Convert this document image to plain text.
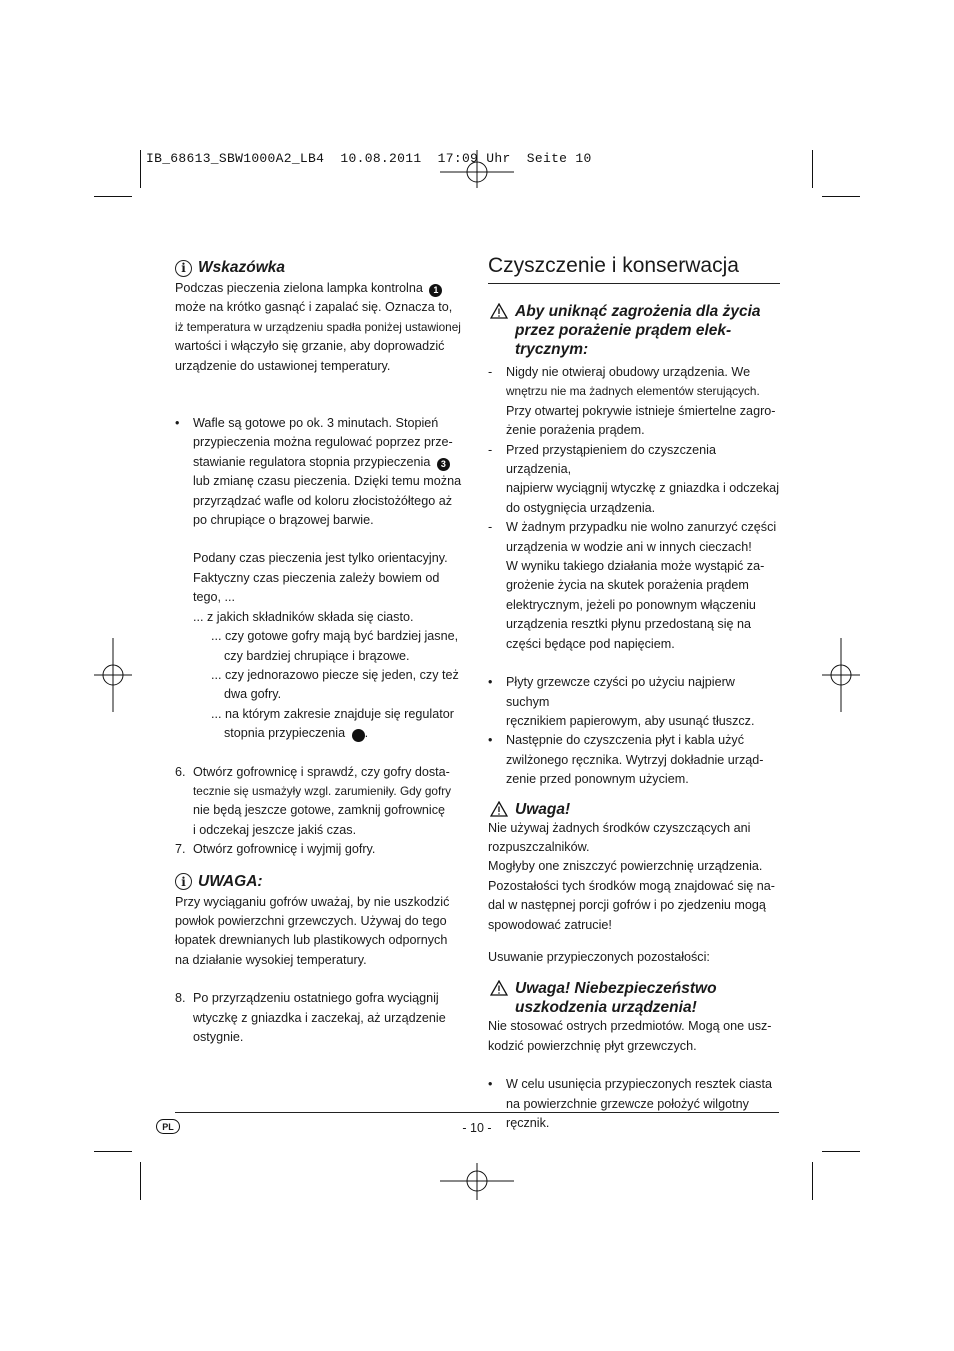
IB_68613_SBW1000A2_LB4  10.08.2011  17:09 Uhr  Seite 10
i Wskazówka

Podczas pieczenia zielona lampka kontrolna 1

może na krótko gasnąć i zapalać się. Oznacza to,

iż temperatura w urządzeniu spadła poniżej ustawionej

wartości i włączyło się grzanie, aby doprowadzić

urządzenie do ustawionej temperatury.

• Wafle są gotowe po ok. 3 minutach. Stopień

przypieczenia można regulować poprzez prze-

stawianie regulatora stopnia przypieczenia 3

lub zmianę czasu pieczenia. Dzięki temu można

przyrządzać wafle od koloru złocistożółtego aż

po chrupiące o brązowej barwie.

Podany czas pieczenia jest tylko orientacyjny.

Faktyczny czas pieczenia zależy bowiem od

tego, ...

... z jakich składników składa się ciasto.

... czy gotowe gofry mają być bardziej jasne, czy bardziej chrupiące i brązowe.

... czy jednorazowo piecze się jeden, czy też dwa gofry.

... na którym zakresie znajduje się regulator stopnia przypieczenia 3 .

6. Otwórz gofrownicę i sprawdź, czy gofry dosta-

tecznie się usmażyły wzgl. zarumieniły. Gdy gofry

nie będą jeszcze gotowe, zamknij gofrownicę

i odczekaj jeszcze jakiś czas.

7. Otwórz gofrownicę i wyjmij gofry.

i UWAGA:

Przy wyciąganiu gofrów uważaj, by nie uszkodzić

powłok powierzchni grzewczych. Używaj do tego

łopatek drewnianych lub plastikowych odpornych

na działanie wysokiej temperatury.

8. Po przyrządzeniu ostatniego gofra wyciągnij

wtyczkę z gniazdka i zaczekaj, aż urządzenie

ostygnie.

Czyszczenie i konserwacja

Aby uniknąć zagrożenia dla życia

przez porażenie prądem elek-

trycznym:

- Nigdy nie otwieraj obudowy urządzenia. We

wnętrzu nie ma żadnych elementów sterujących.

Przy otwartej pokrywie istnieje śmiertelne zagro-

żenie porażenia prądem.

- Przed przystąpieniem do czyszczenia urządzenia,

najpierw wyciągnij wtyczkę z gniazdka i odczekaj

do ostygnięcia urządzenia.

- W żadnym przypadku nie wolno zanurzyć części

urządzenia w wodzie ani w innych cieczach!

W wyniku takiego działania może wystąpić za-

grożenie życia na skutek porażenia prądem

elektrycznym, jeżeli po ponownym włączeniu

urządzenia resztki płynu przedostaną się na

części będące pod napięciem.

• Płyty grzewcze czyści po użyciu najpierw suchym

ręcznikiem papierowym, aby usunąć tłuszcz.

• Następnie do czyszczenia płyt i kabla użyć

zwilżonego ręcznika. Wytrzyj dokładnie urząd-

zenie przed ponownym użyciem.

Uwaga!

Nie używaj żadnych środków czyszczących ani

rozpuszczalników.

Mogłyby one zniszczyć powierzchnię urządzenia.

Pozostałości tych środków mogą znajdować się na-

dal w następnej porcji gofrów i po zjedzeniu mogą

spowodować zatrucie!

Usuwanie przypieczonych pozostałości:

Uwaga! Niebezpieczeństwo

uszkodzenia urządzenia!

Nie stosować ostrych przedmiotów. Mogą one usz-

kodzić powierzchnię płyt grzewczych.

• W celu usunięcia przypieczonych resztek ciasta

na powierzchnie grzewcze położyć wilgotny

ręcznik.

PL	- 10 -
